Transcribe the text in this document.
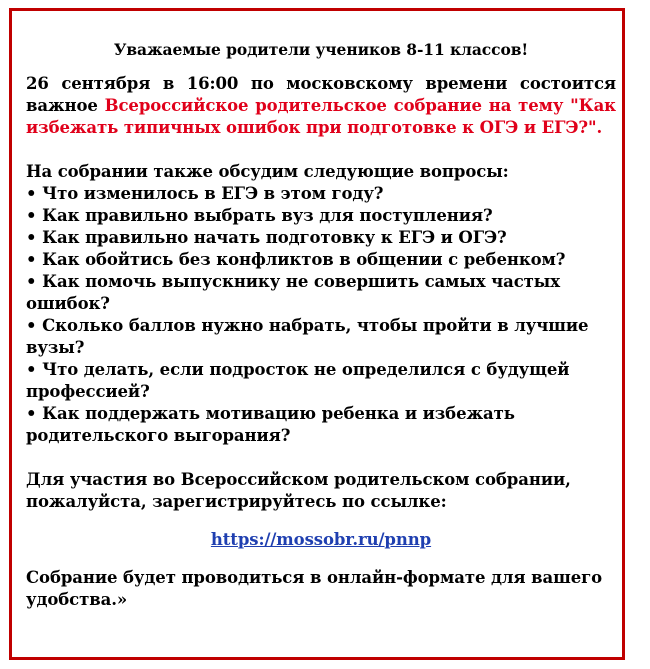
Уважаемые родители учеников 8-11 классов!

26 сентября в 16:00 по московскому времени состоится важное Всероссийское родительское собрание на тему "Как избежать типичных ошибок при подготовке к ОГЭ и ЕГЭ?".

На собрании также обсудим следующие вопросы:

• Что изменилось в ЕГЭ в этом году?
• Как правильно выбрать вуз для поступления?
• Как правильно начать подготовку к ЕГЭ и ОГЭ?
• Как обойтись без конфликтов в общении с ребенком?
• Как помочь выпускнику не совершить самых частых ошибок?
• Сколько баллов нужно набрать, чтобы пройти в лучшие вузы?
• Что делать, если подросток не определился с будущей профессией?
• Как поддержать мотивацию ребенка и избежать родительского выгорания?

Для участия во Всероссийском родительском собрании, пожалуйста, зарегистрируйтесь по ссылке:

https://mossobr.ru/pnnp

Собрание будет проводиться в онлайн-формате для вашего удобства.»
